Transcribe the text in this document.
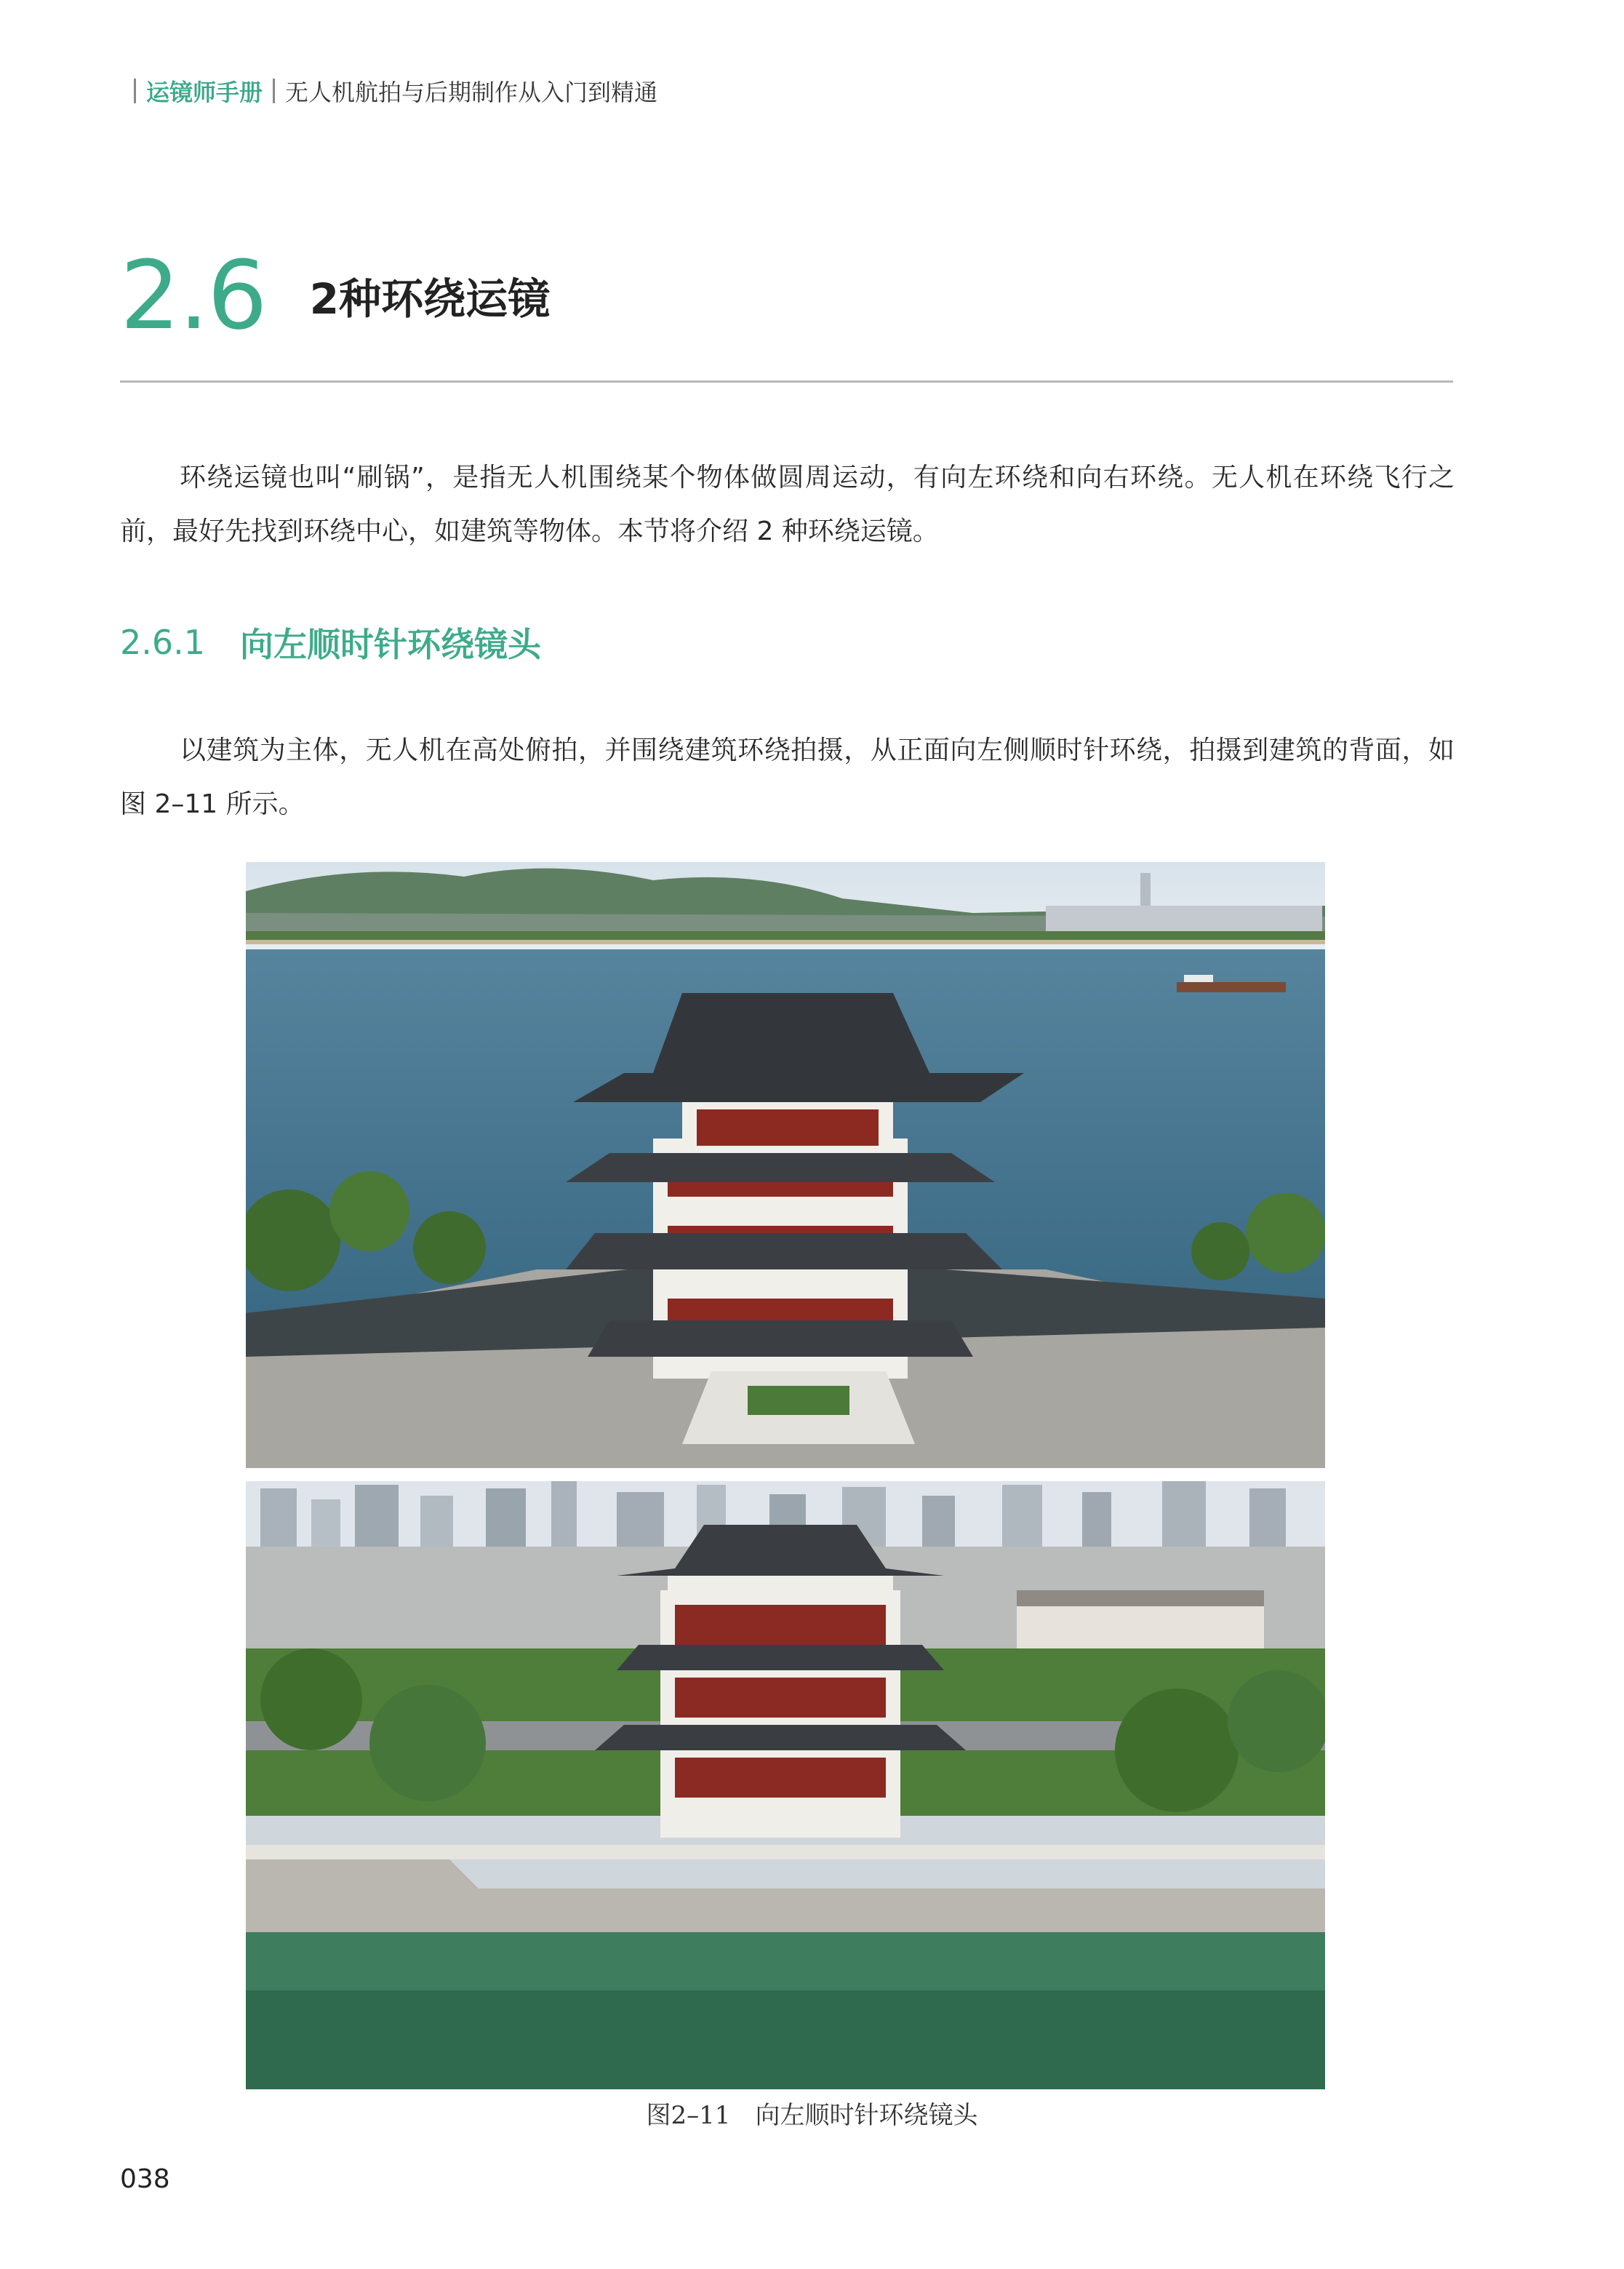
运镜师手册 无人机航拍与后期制作从入门到精通
2.6 2种环绕运镜

环绕运镜也叫“刷锅”，是指无人机围绕某个物体做圆周运动，有向左环绕和向右环绕。无人机在环绕飞行之前，最好先找到环绕中心，如建筑等物体。本节将介绍 2 种环绕运镜。

2.6.1	向左顺时针环绕镜头

以建筑为主体，无人机在高处俯拍，并围绕建筑环绕拍摄，从正面向左侧顺时针环绕，拍摄到建筑的背面，如图 2–11 所示。

图2–11　向左顺时针环绕镜头
038
